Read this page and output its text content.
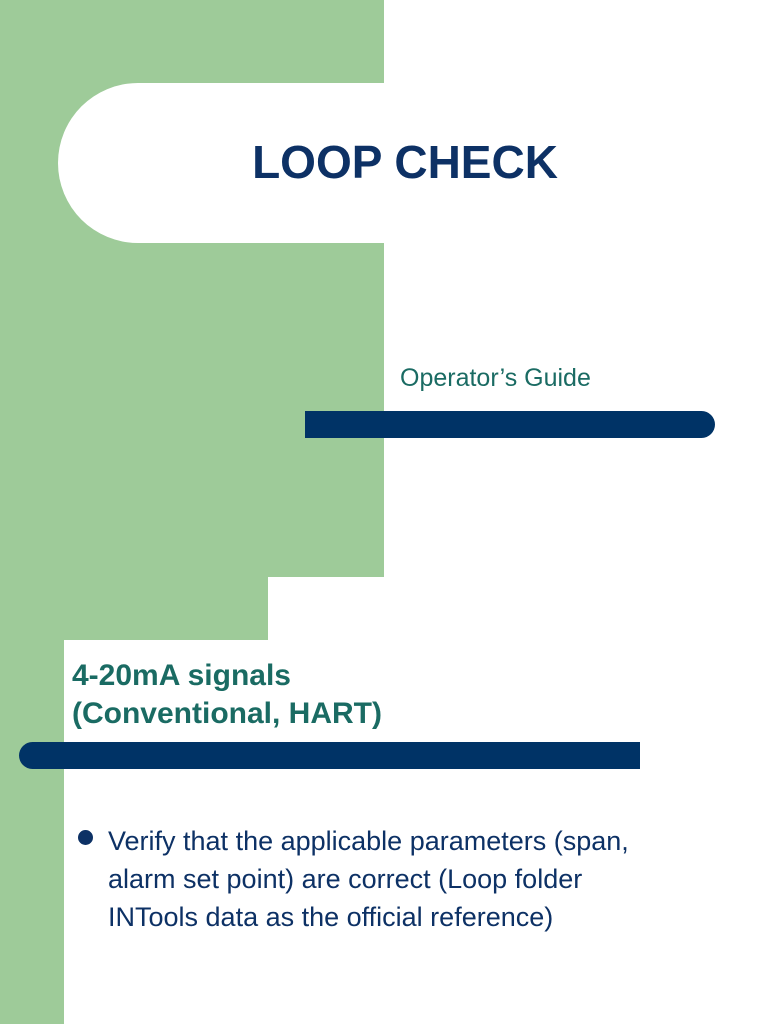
LOOP CHECK

Operator’s Guide

4-20mA signals
(Conventional, HART)
Verify that the applicable parameters (span,
alarm set point) are correct (Loop folder
INTools data as the official reference)
